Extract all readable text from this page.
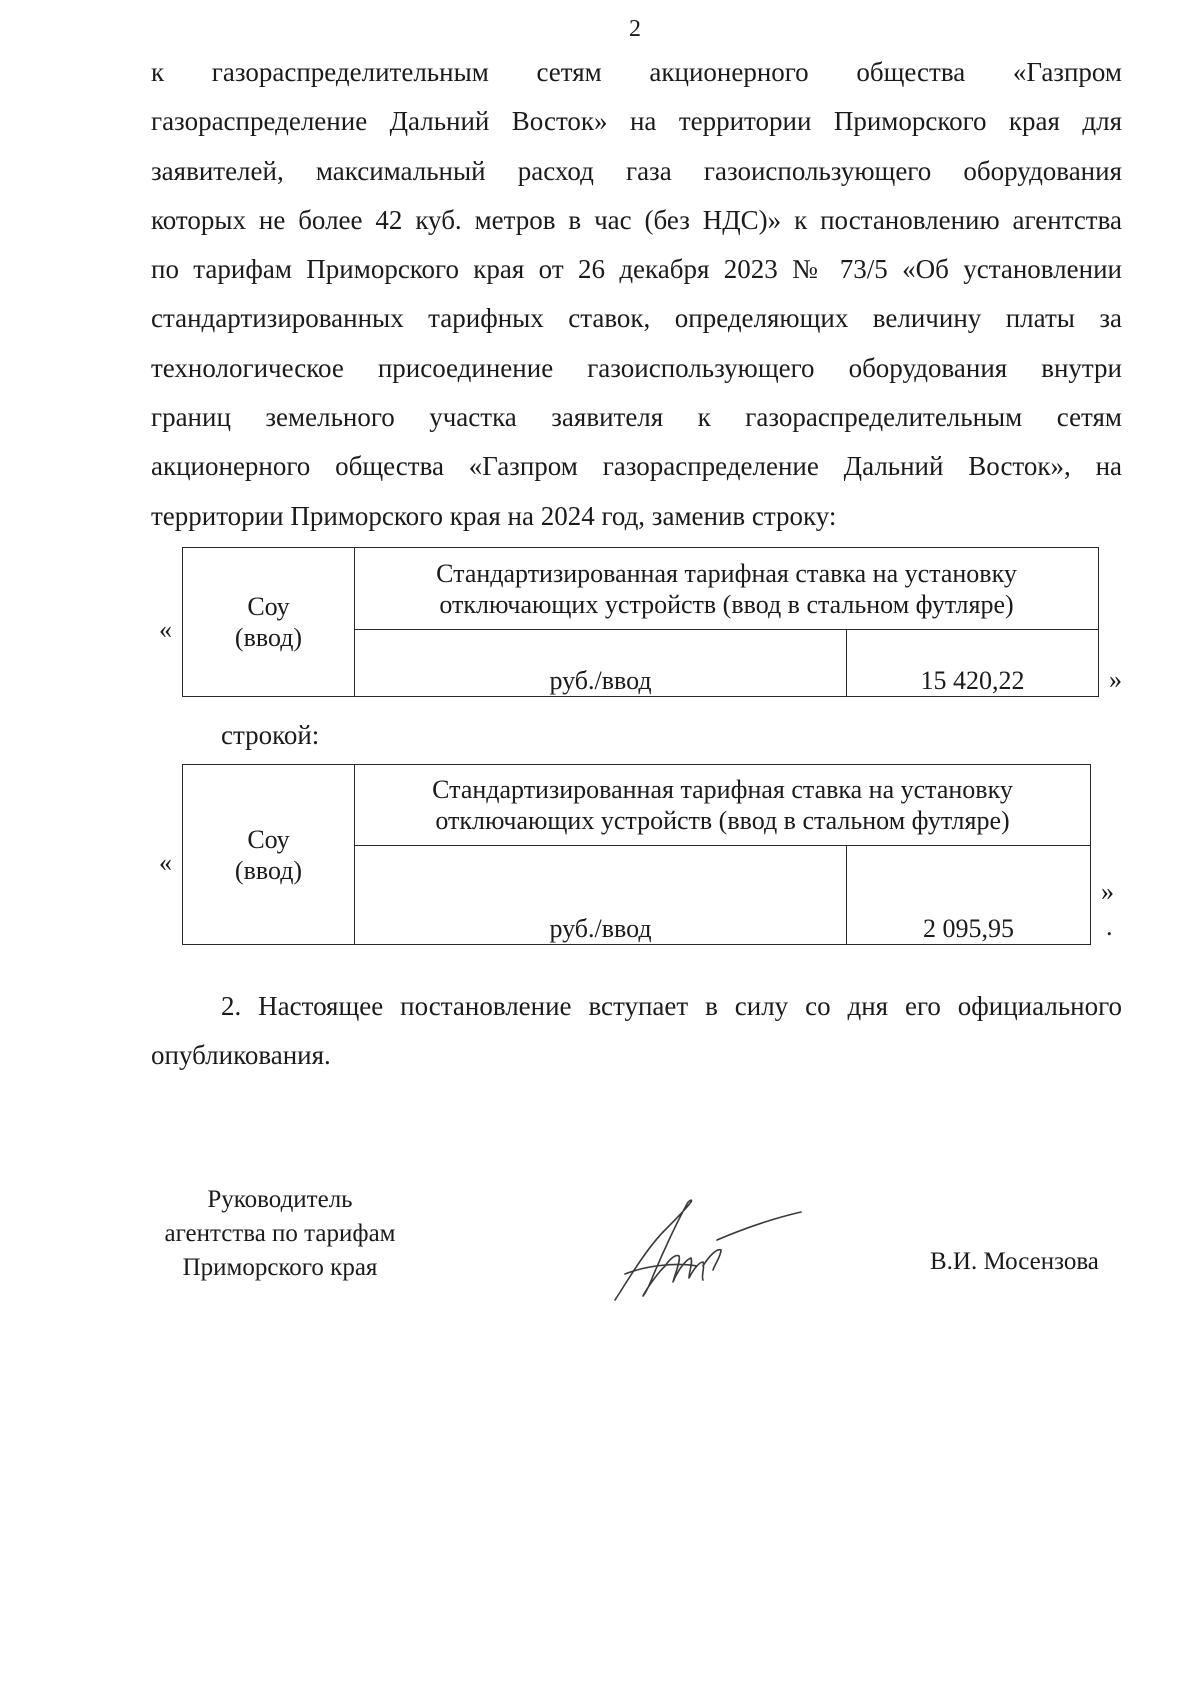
2
к газораспределительным сетям акционерного общества «Газпром
газораспределение Дальний Восток» на территории Приморского края для
заявителей, максимальный расход газа газоиспользующего оборудования
которых не более 42 куб. метров в час (без НДС)» к постановлению агентства
по тарифам Приморского края от 26 декабря 2023 № 73/5 «Об установлении
стандартизированных тарифных ставок, определяющих величину платы за
технологическое присоединение газоиспользующего оборудования внутри
границ земельного участка заявителя к газораспределительным сетям
акционерного общества «Газпром газораспределение Дальний Восток», на
территории Приморского края на 2024 год, заменив строку:
«
Соу
(ввод)	Стандартизированная тарифная ставка на установку
отключающих устройств (ввод в стальном футляре)	

	руб./ввод	15 420,22	»
строкой:
«
Соу
(ввод)	Стандартизированная тарифная ставка на установку
отключающих устройств (ввод в стальном футляре)	

	руб./ввод	2 095,95
»
.
2. Настоящее постановление вступает в силу со дня его официального
опубликования.
Руководитель
агентства по тарифам
Приморского края	В.И. Мосензова
